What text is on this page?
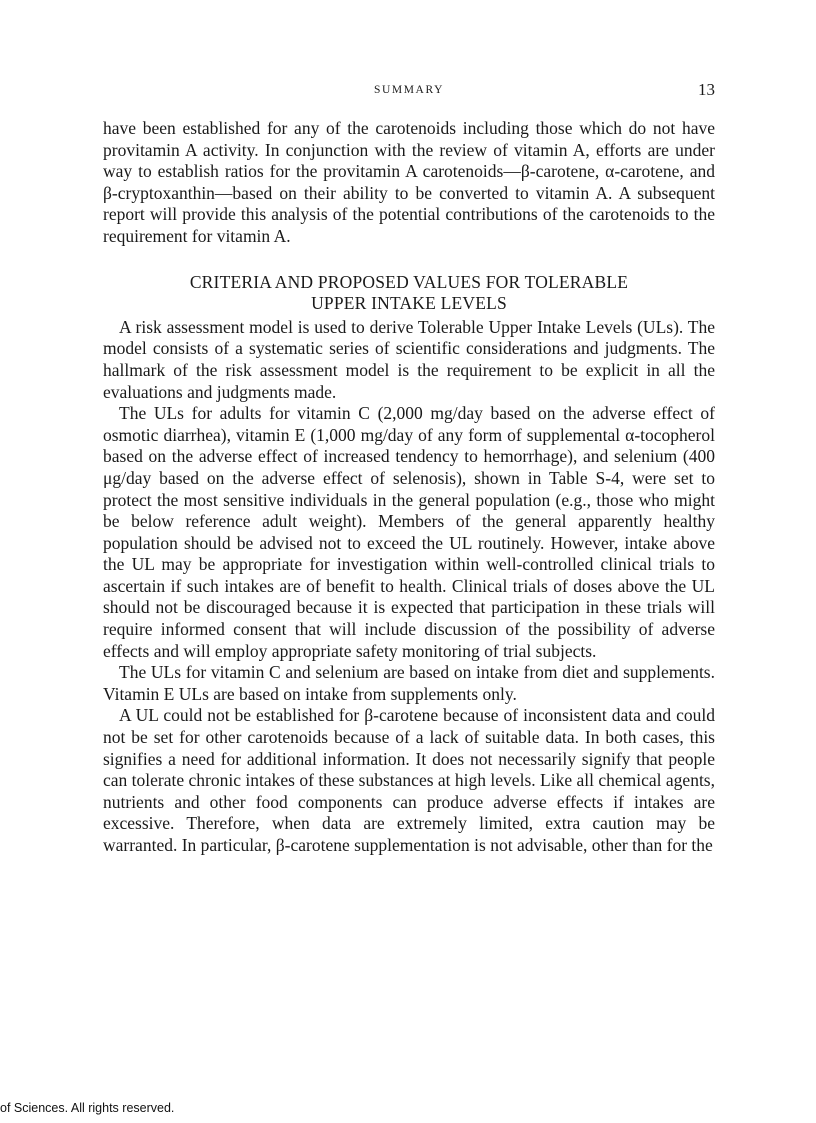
SUMMARY	13

have been established for any of the carotenoids including those which do not have provitamin A activity. In conjunction with the review of vitamin A, efforts are under way to establish ratios for the provitamin A carotenoids—β-carotene, α-carotene, and β-cryptoxanthin—based on their ability to be converted to vitamin A. A subsequent report will provide this analysis of the potential contributions of the carotenoids to the requirement for vitamin A.

CRITERIA AND PROPOSED VALUES FOR TOLERABLE
UPPER INTAKE LEVELS

A risk assessment model is used to derive Tolerable Upper Intake Levels (ULs). The model consists of a systematic series of scientific considerations and judgments. The hallmark of the risk assessment model is the requirement to be explicit in all the evaluations and judgments made.

The ULs for adults for vitamin C (2,000 mg/day based on the adverse effect of osmotic diarrhea), vitamin E (1,000 mg/day of any form of supplemental α-tocopherol based on the adverse effect of increased tendency to hemorrhage), and selenium (400 μg/day based on the adverse effect of selenosis), shown in Table S-4, were set to protect the most sensitive individuals in the general population (e.g., those who might be below reference adult weight). Members of the general apparently healthy population should be advised not to exceed the UL routinely. However, intake above the UL may be appropriate for investigation within well-controlled clinical trials to ascertain if such intakes are of benefit to health. Clinical trials of doses above the UL should not be discouraged because it is expected that participation in these trials will require informed consent that will include discussion of the possibility of adverse effects and will employ appropriate safety monitoring of trial subjects.

The ULs for vitamin C and selenium are based on intake from diet and supplements. Vitamin E ULs are based on intake from supplements only.

A UL could not be established for β-carotene because of inconsistent data and could not be set for other carotenoids because of a lack of suitable data. In both cases, this signifies a need for additional information. It does not necessarily signify that people can tolerate chronic intakes of these substances at high levels. Like all chemical agents, nutrients and other food components can produce adverse effects if intakes are excessive. Therefore, when data are extremely limited, extra caution may be warranted. In particular, β-carotene supplementation is not advisable, other than for the

of Sciences. All rights reserved.
